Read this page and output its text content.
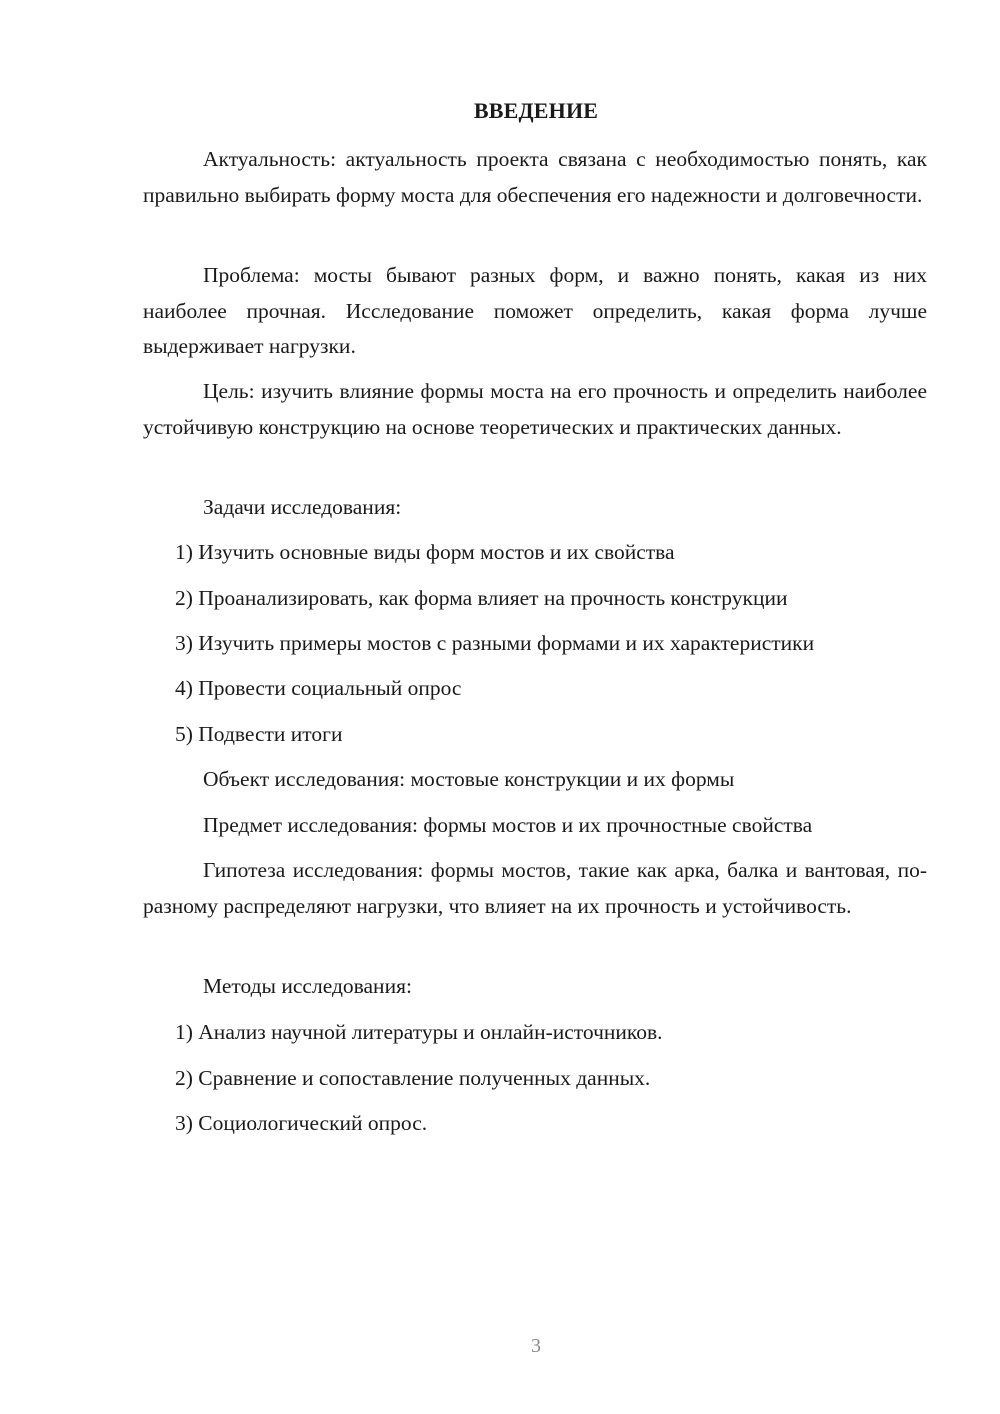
ВВЕДЕНИЕ

Актуальность: актуальность проекта связана с необходимостью понять, как правильно выбирать форму моста для обеспечения его надежности и долговечности.

Проблема: мосты бывают разных форм, и важно понять, какая из них наиболее прочная. Исследование поможет определить, какая форма лучше выдерживает нагрузки.

Цель: изучить влияние формы моста на его прочность и определить наиболее устойчивую конструкцию на основе теоретических и практических данных.

Задачи исследования:
1) Изучить основные виды форм мостов и их свойства
2) Проанализировать, как форма влияет на прочность конструкции
3) Изучить примеры мостов с разными формами и их характеристики
4) Провести социальный опрос
5) Подвести итоги
Объект исследования: мостовые конструкции и их формы
Предмет исследования: формы мостов и их прочностные свойства

Гипотеза исследования: формы мостов, такие как арка, балка и вантовая, по-разному распределяют нагрузки, что влияет на их прочность и устойчивость.

Методы исследования:
1) Анализ научной литературы и онлайн-источников.
2) Сравнение и сопоставление полученных данных.
3) Социологический опрос.
3
